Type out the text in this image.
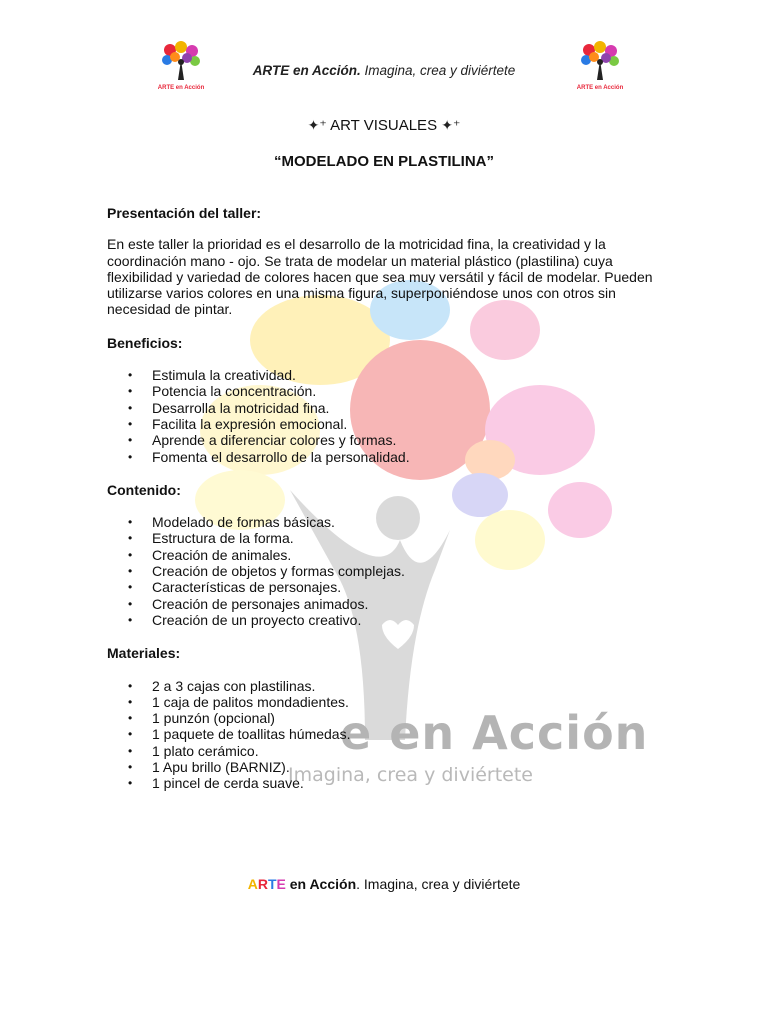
ARTE en Acción	ARTE en Acción
ARTE en Acción. Imagina, crea y diviértete
e en Acción
Imagina, crea y diviértete
✦⁺ ART VISUALES ✦⁺
“MODELADO EN PLASTILINA”

Presentación del taller:

En este taller la prioridad es el desarrollo de la motricidad fina, la creatividad y la coordinación mano - ojo. Se trata de modelar un material plástico (plastilina) cuya flexibilidad y variedad de colores hacen que sea muy versátil y fácil de modelar. Pueden utilizarse varios colores en una misma figura, superponiéndose unos con otros sin necesidad de pintar.

Beneficios:

• Estimula la creatividad.
• Potencia la concentración.
• Desarrolla la motricidad fina.
• Facilita la expresión emocional.
• Aprende a diferenciar colores y formas.
• Fomenta el desarrollo de la personalidad.

Contenido:

• Modelado de formas básicas.
• Estructura de la forma.
• Creación de animales.
• Creación de objetos y formas complejas.
• Características de personajes.
• Creación de personajes animados.
• Creación de un proyecto creativo.

Materiales:

• 2 a 3 cajas con plastilinas.
• 1 caja de palitos mondadientes.
• 1 punzón (opcional)
• 1 paquete de toallitas húmedas.
• 1 plato cerámico.
• 1 Apu brillo (BARNIZ).
• 1 pincel de cerda suave.
ARTE en Acción. Imagina, crea y diviértete
